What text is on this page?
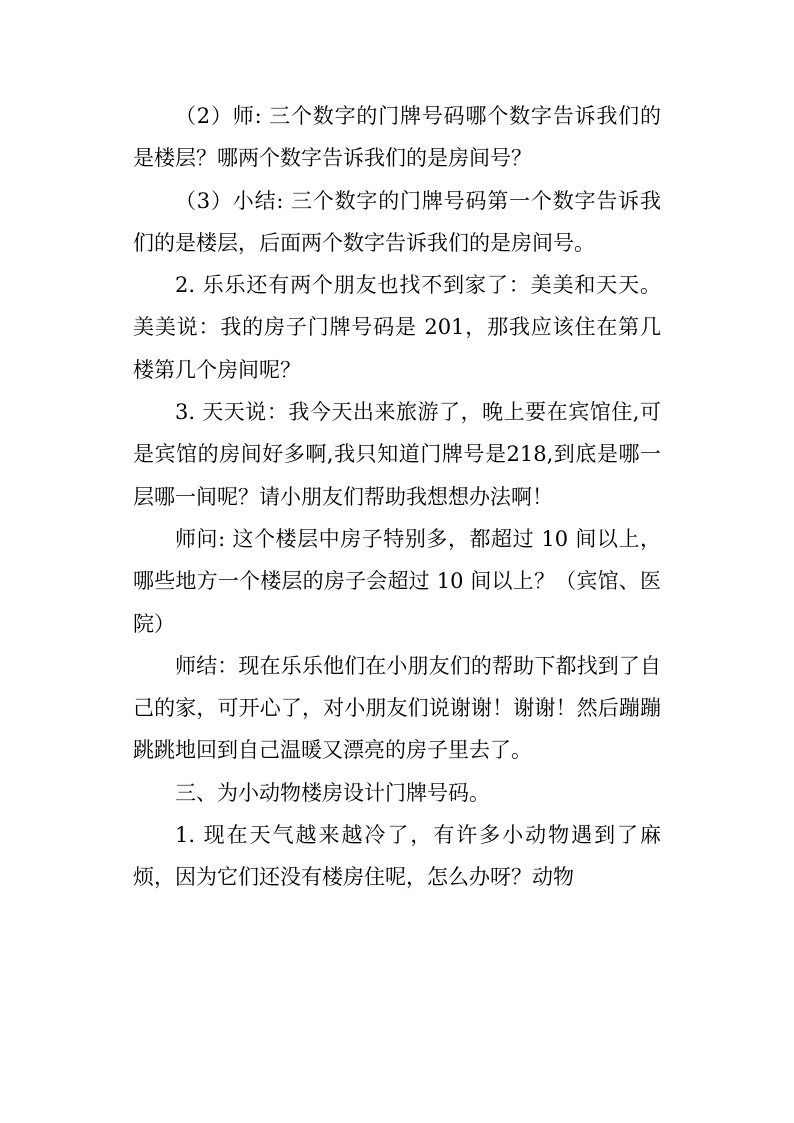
（2）师: 三个数字的门牌号码哪个数字告诉我们的是楼层？哪两个数字告诉我们的是房间号？

（3）小结: 三个数字的门牌号码第一个数字告诉我们的是楼层，后面两个数字告诉我们的是房间号。

2. 乐乐还有两个朋友也找不到家了：美美和天天。美美说：我的房子门牌号码是 201，那我应该住在第几楼第几个房间呢？

3. 天天说：我今天出来旅游了，晚上要在宾馆住,可是宾馆的房间好多啊,我只知道门牌号是218,到底是哪一层哪一间呢？请小朋友们帮助我想想办法啊！

师问: 这个楼层中房子特别多，都超过 10 间以上，哪些地方一个楼层的房子会超过 10 间以上？（宾馆、医院）

师结：现在乐乐他们在小朋友们的帮助下都找到了自己的家，可开心了，对小朋友们说谢谢！谢谢！然后蹦蹦跳跳地回到自己温暖又漂亮的房子里去了。

三、为小动物楼房设计门牌号码。

1. 现在天气越来越冷了，有许多小动物遇到了麻烦，因为它们还没有楼房住呢，怎么办呀？动物
